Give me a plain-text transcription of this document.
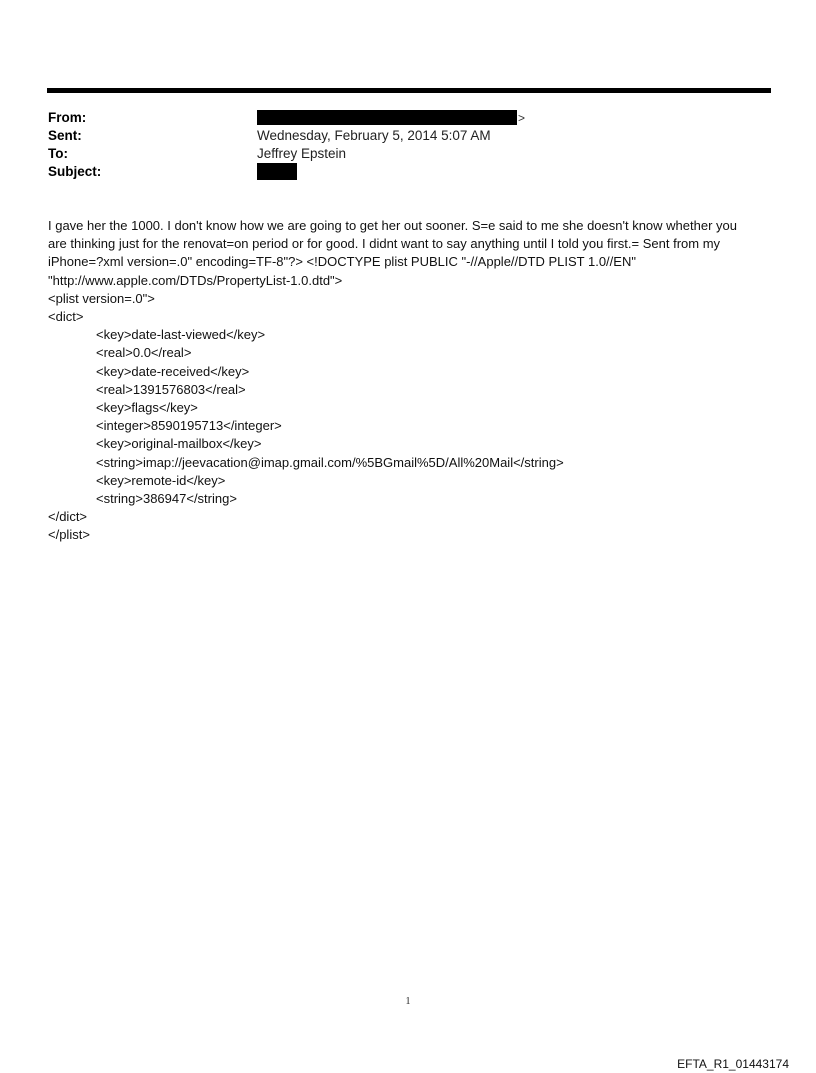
From:	>
Sent:	Wednesday, February 5, 2014 5:07 AM
To:	Jeffrey Epstein
Subject:
I gave her the 1000. I don't know how we are going to get her out sooner. S=e said to me she doesn't know whether you
are thinking just for the renovat=on period or for good. I didnt want to say anything until I told you first.= Sent from my
iPhone=?xml version=.0" encoding=TF-8"?> <!DOCTYPE plist PUBLIC "-//Apple//DTD PLIST 1.0//EN"
"http://www.apple.com/DTDs/PropertyList-1.0.dtd">
<plist version=.0">
<dict>
<key>date-last-viewed</key>
<real>0.0</real>
<key>date-received</key>
<real>1391576803</real>
<key>flags</key>
<integer>8590195713</integer>
<key>original-mailbox</key>
<string>imap://jeevacation@imap.gmail.com/%5BGmail%5D/All%20Mail</string>
<key>remote-id</key>
<string>386947</string>
</dict>
</plist>
1
EFTA_R1_01443174
